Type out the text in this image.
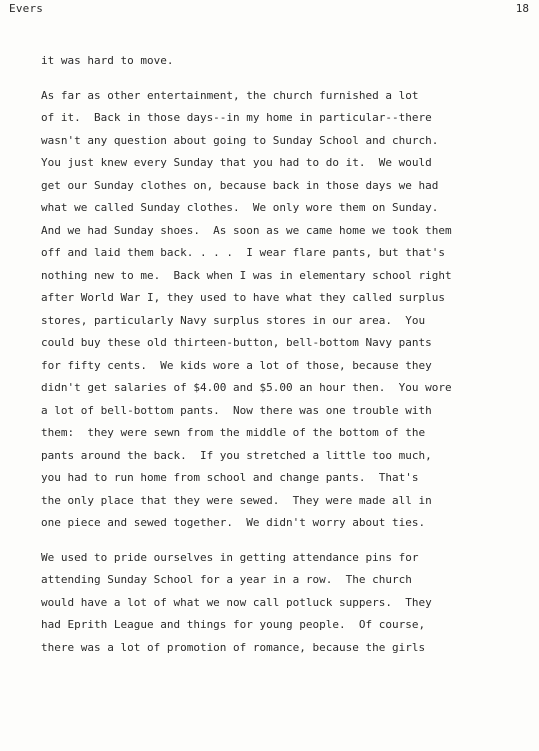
Evers	18
it was hard to move.
As far as other entertainment, the church furnished a lot
of it.  Back in those days--in my home in particular--there
wasn't any question about going to Sunday School and church.
You just knew every Sunday that you had to do it.  We would
get our Sunday clothes on, because back in those days we had
what we called Sunday clothes.  We only wore them on Sunday.
And we had Sunday shoes.  As soon as we came home we took them
off and laid them back. . . .  I wear flare pants, but that's
nothing new to me.  Back when I was in elementary school right
after World War I, they used to have what they called surplus
stores, particularly Navy surplus stores in our area.  You
could buy these old thirteen-button, bell-bottom Navy pants
for fifty cents.  We kids wore a lot of those, because they
didn't get salaries of $4.00 and $5.00 an hour then.  You wore
a lot of bell-bottom pants.  Now there was one trouble with
them:  they were sewn from the middle of the bottom of the
pants around the back.  If you stretched a little too much,
you had to run home from school and change pants.  That's
the only place that they were sewed.  They were made all in
one piece and sewed together.  We didn't worry about ties.
We used to pride ourselves in getting attendance pins for
attending Sunday School for a year in a row.  The church
would have a lot of what we now call potluck suppers.  They
had Eprith League and things for young people.  Of course,
there was a lot of promotion of romance, because the girls
